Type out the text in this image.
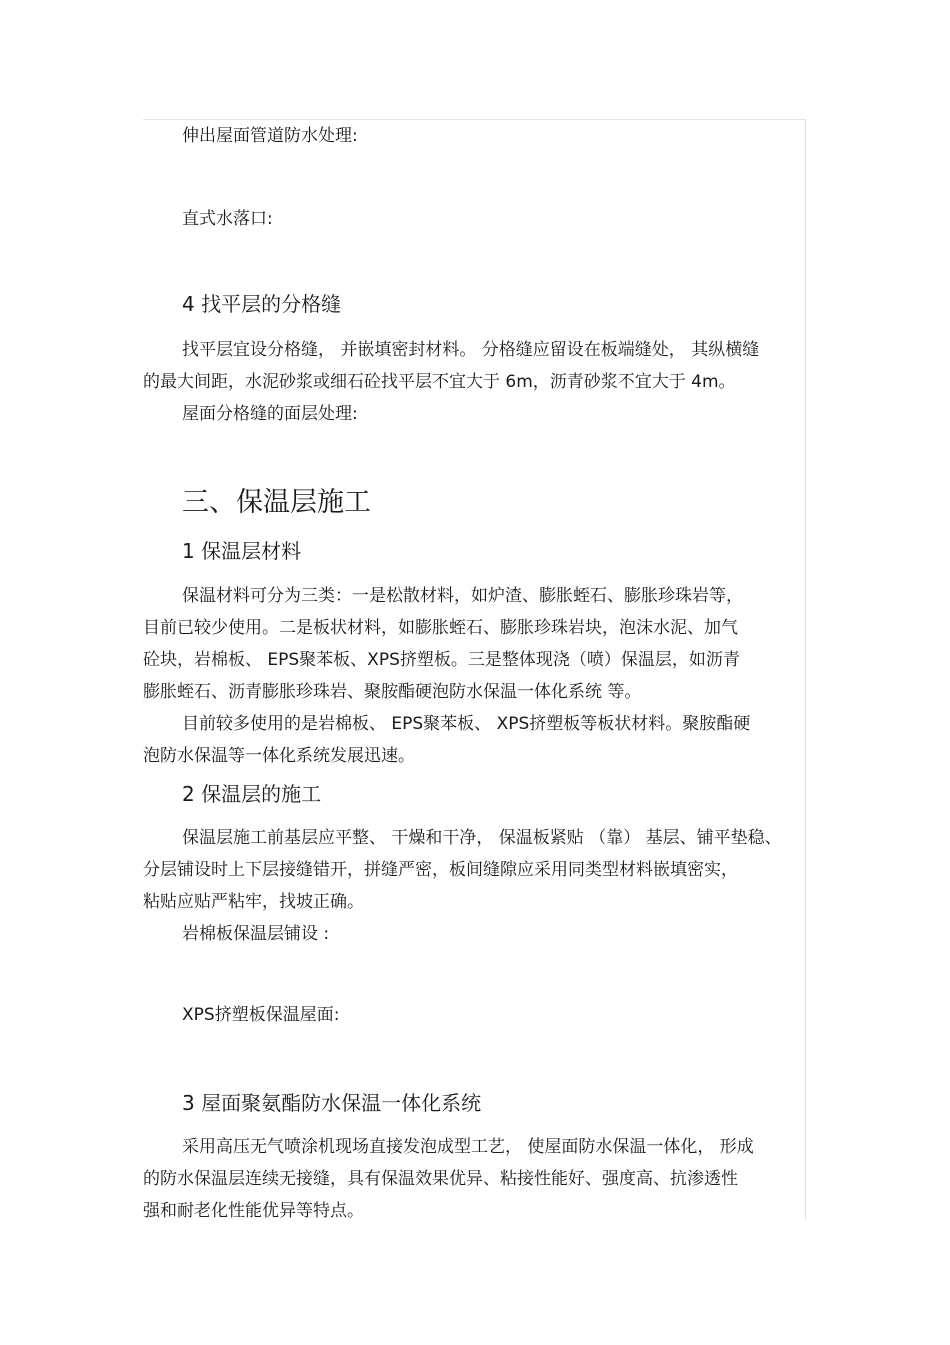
伸出屋面管道防水处理:
直式水落口:
4 找平层的分格缝
找平层宜设分格缝， 并嵌填密封材料。 分格缝应留设在板端缝处， 其纵横缝
的最大间距，水泥砂浆或细石砼找平层不宜大于 6m，沥青砂浆不宜大于 4m。
屋面分格缝的面层处理:
三、保温层施工
1 保温层材料
保温材料可分为三类：一是松散材料，如炉渣、膨胀蛭石、膨胀珍珠岩等，
目前已较少使用。二是板状材料，如膨胀蛭石、膨胀珍珠岩块，泡沫水泥、加气
砼块，岩棉板、 EPS聚苯板、XPS挤塑板。三是整体现浇（喷）保温层，如沥青
膨胀蛭石、沥青膨胀珍珠岩、聚胺酯硬泡防水保温一体化系统 等。
目前较多使用的是岩棉板、 EPS聚苯板、 XPS挤塑板等板状材料。聚胺酯硬
泡防水保温等一体化系统发展迅速。
2 保温层的施工
保温层施工前基层应平整、 干燥和干净， 保温板紧贴 （靠） 基层、铺平垫稳、
分层铺设时上下层接缝错开，拼缝严密，板间缝隙应采用同类型材料嵌填密实，
粘贴应贴严粘牢，找坡正确。
岩棉板保温层铺设 :
XPS挤塑板保温屋面:
3 屋面聚氨酯防水保温一体化系统
采用高压无气喷涂机现场直接发泡成型工艺， 使屋面防水保温一体化， 形成
的防水保温层连续无接缝，具有保温效果优异、粘接性能好、强度高、抗渗透性
强和耐老化性能优异等特点。
